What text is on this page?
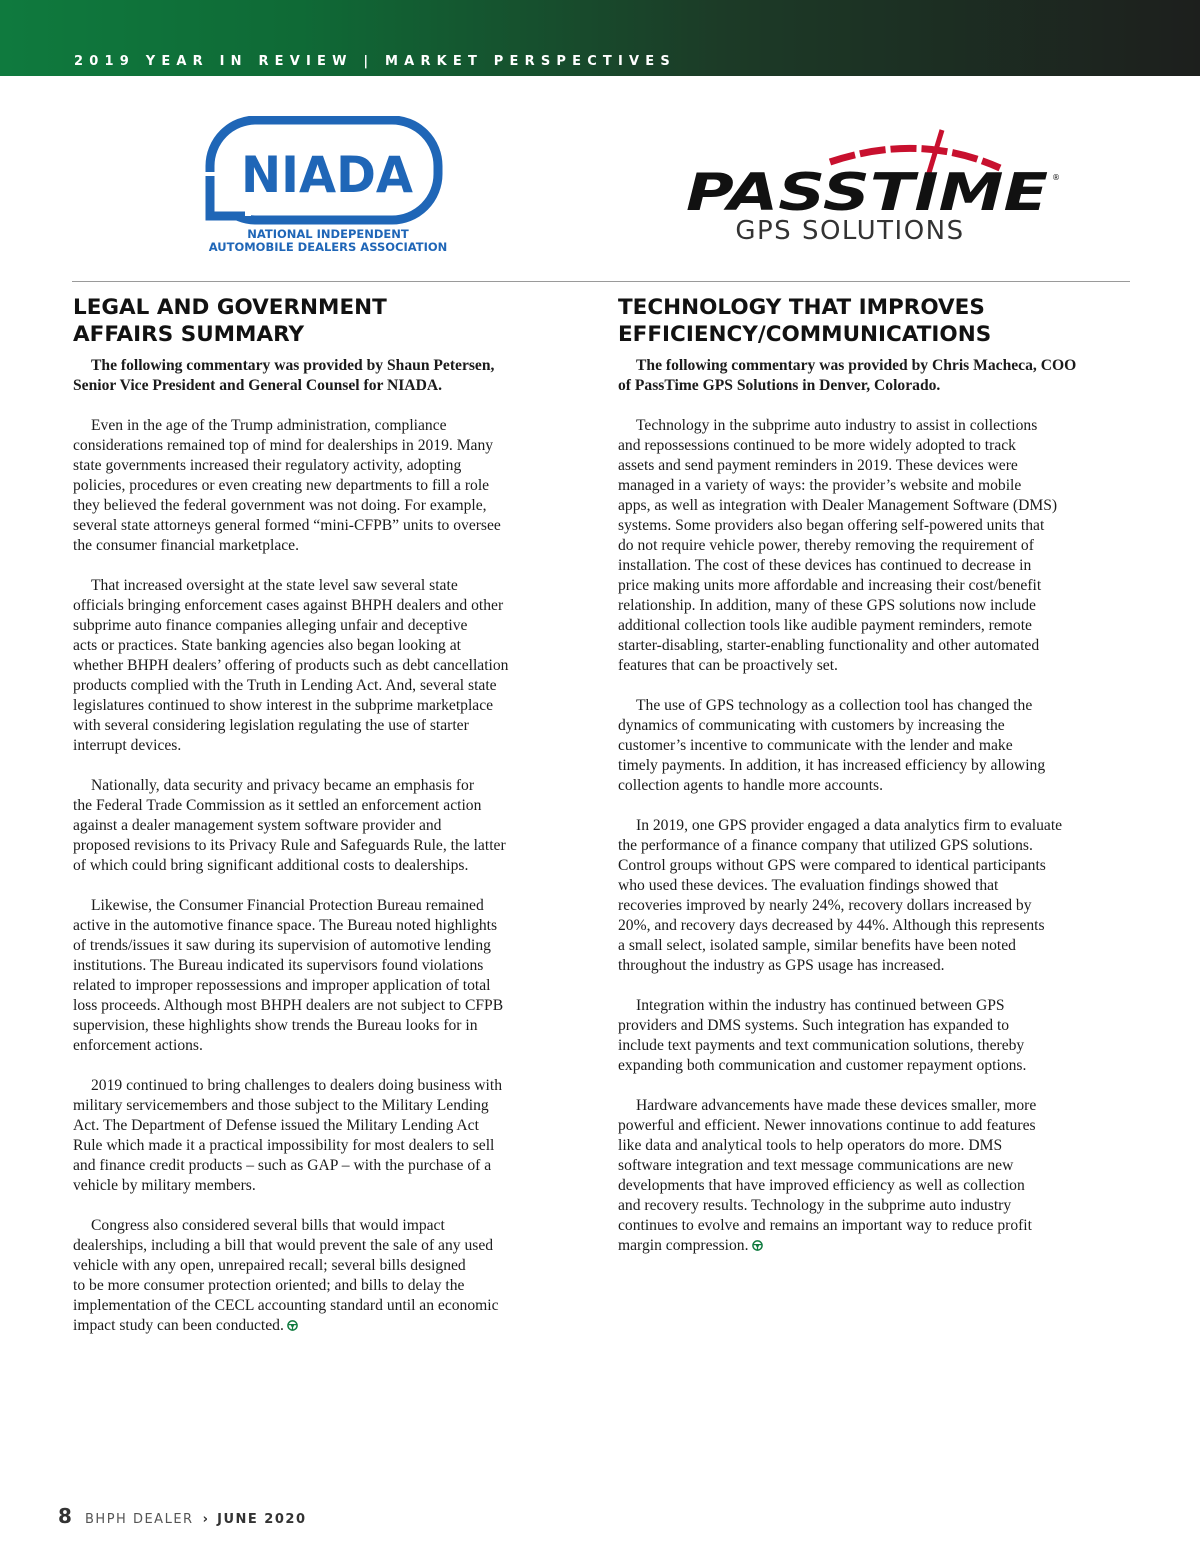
2019 YEAR IN REVIEW | MARKET PERSPECTIVES
NIADA
NATIONAL INDEPENDENT
AUTOMOBILE DEALERS ASSOCIATION
PASSTIME ®
GPS SOLUTIONS
LEGAL AND GOVERNMENT
AFFAIRS SUMMARY
The following commentary was provided by Shaun Petersen,
Senior Vice President and General Counsel for NIADA.
Even in the age of the Trump administration, compliance
considerations remained top of mind for dealerships in 2019. Many
state governments increased their regulatory activity, adopting
policies, procedures or even creating new departments to fill a role
they believed the federal government was not doing. For example,
several state attorneys general formed “mini-CFPB” units to oversee
the consumer financial marketplace.
That increased oversight at the state level saw several state
officials bringing enforcement cases against BHPH dealers and other
subprime auto finance companies alleging unfair and deceptive
acts or practices. State banking agencies also began looking at
whether BHPH dealers’ offering of products such as debt cancellation
products complied with the Truth in Lending Act. And, several state
legislatures continued to show interest in the subprime marketplace
with several considering legislation regulating the use of starter
interrupt devices.
Nationally, data security and privacy became an emphasis for
the Federal Trade Commission as it settled an enforcement action
against a dealer management system software provider and
proposed revisions to its Privacy Rule and Safeguards Rule, the latter
of which could bring significant additional costs to dealerships.
Likewise, the Consumer Financial Protection Bureau remained
active in the automotive finance space. The Bureau noted highlights
of trends/issues it saw during its supervision of automotive lending
institutions. The Bureau indicated its supervisors found violations
related to improper repossessions and improper application of total
loss proceeds. Although most BHPH dealers are not subject to CFPB
supervision, these highlights show trends the Bureau looks for in
enforcement actions.
2019 continued to bring challenges to dealers doing business with
military servicemembers and those subject to the Military Lending
Act. The Department of Defense issued the Military Lending Act
Rule which made it a practical impossibility for most dealers to sell
and finance credit products – such as GAP – with the purchase of a
vehicle by military members.
Congress also considered several bills that would impact
dealerships, including a bill that would prevent the sale of any used
vehicle with any open, unrepaired recall; several bills designed
to be more consumer protection oriented; and bills to delay the
implementation of the CECL accounting standard until an economic
impact study can been conducted.
TECHNOLOGY THAT IMPROVES
EFFICIENCY/COMMUNICATIONS
The following commentary was provided by Chris Macheca, COO
of PassTime GPS Solutions in Denver, Colorado.
Technology in the subprime auto industry to assist in collections
and repossessions continued to be more widely adopted to track
assets and send payment reminders in 2019. These devices were
managed in a variety of ways: the provider’s website and mobile
apps, as well as integration with Dealer Management Software (DMS)
systems. Some providers also began offering self-powered units that
do not require vehicle power, thereby removing the requirement of
installation. The cost of these devices has continued to decrease in
price making units more affordable and increasing their cost/benefit
relationship. In addition, many of these GPS solutions now include
additional collection tools like audible payment reminders, remote
starter-disabling, starter-enabling functionality and other automated
features that can be proactively set.
The use of GPS technology as a collection tool has changed the
dynamics of communicating with customers by increasing the
customer’s incentive to communicate with the lender and make
timely payments. In addition, it has increased efficiency by allowing
collection agents to handle more accounts.
In 2019, one GPS provider engaged a data analytics firm to evaluate
the performance of a finance company that utilized GPS solutions.
Control groups without GPS were compared to identical participants
who used these devices. The evaluation findings showed that
recoveries improved by nearly 24%, recovery dollars increased by
20%, and recovery days decreased by 44%. Although this represents
a small select, isolated sample, similar benefits have been noted
throughout the industry as GPS usage has increased.
Integration within the industry has continued between GPS
providers and DMS systems. Such integration has expanded to
include text payments and text communication solutions, thereby
expanding both communication and customer repayment options.
Hardware advancements have made these devices smaller, more
powerful and efficient. Newer innovations continue to add features
like data and analytical tools to help operators do more. DMS
software integration and text message communications are new
developments that have improved efficiency as well as collection
and recovery results. Technology in the subprime auto industry
continues to evolve and remains an important way to reduce profit
margin compression.
8 BHPH DEALER › JUNE 2020
